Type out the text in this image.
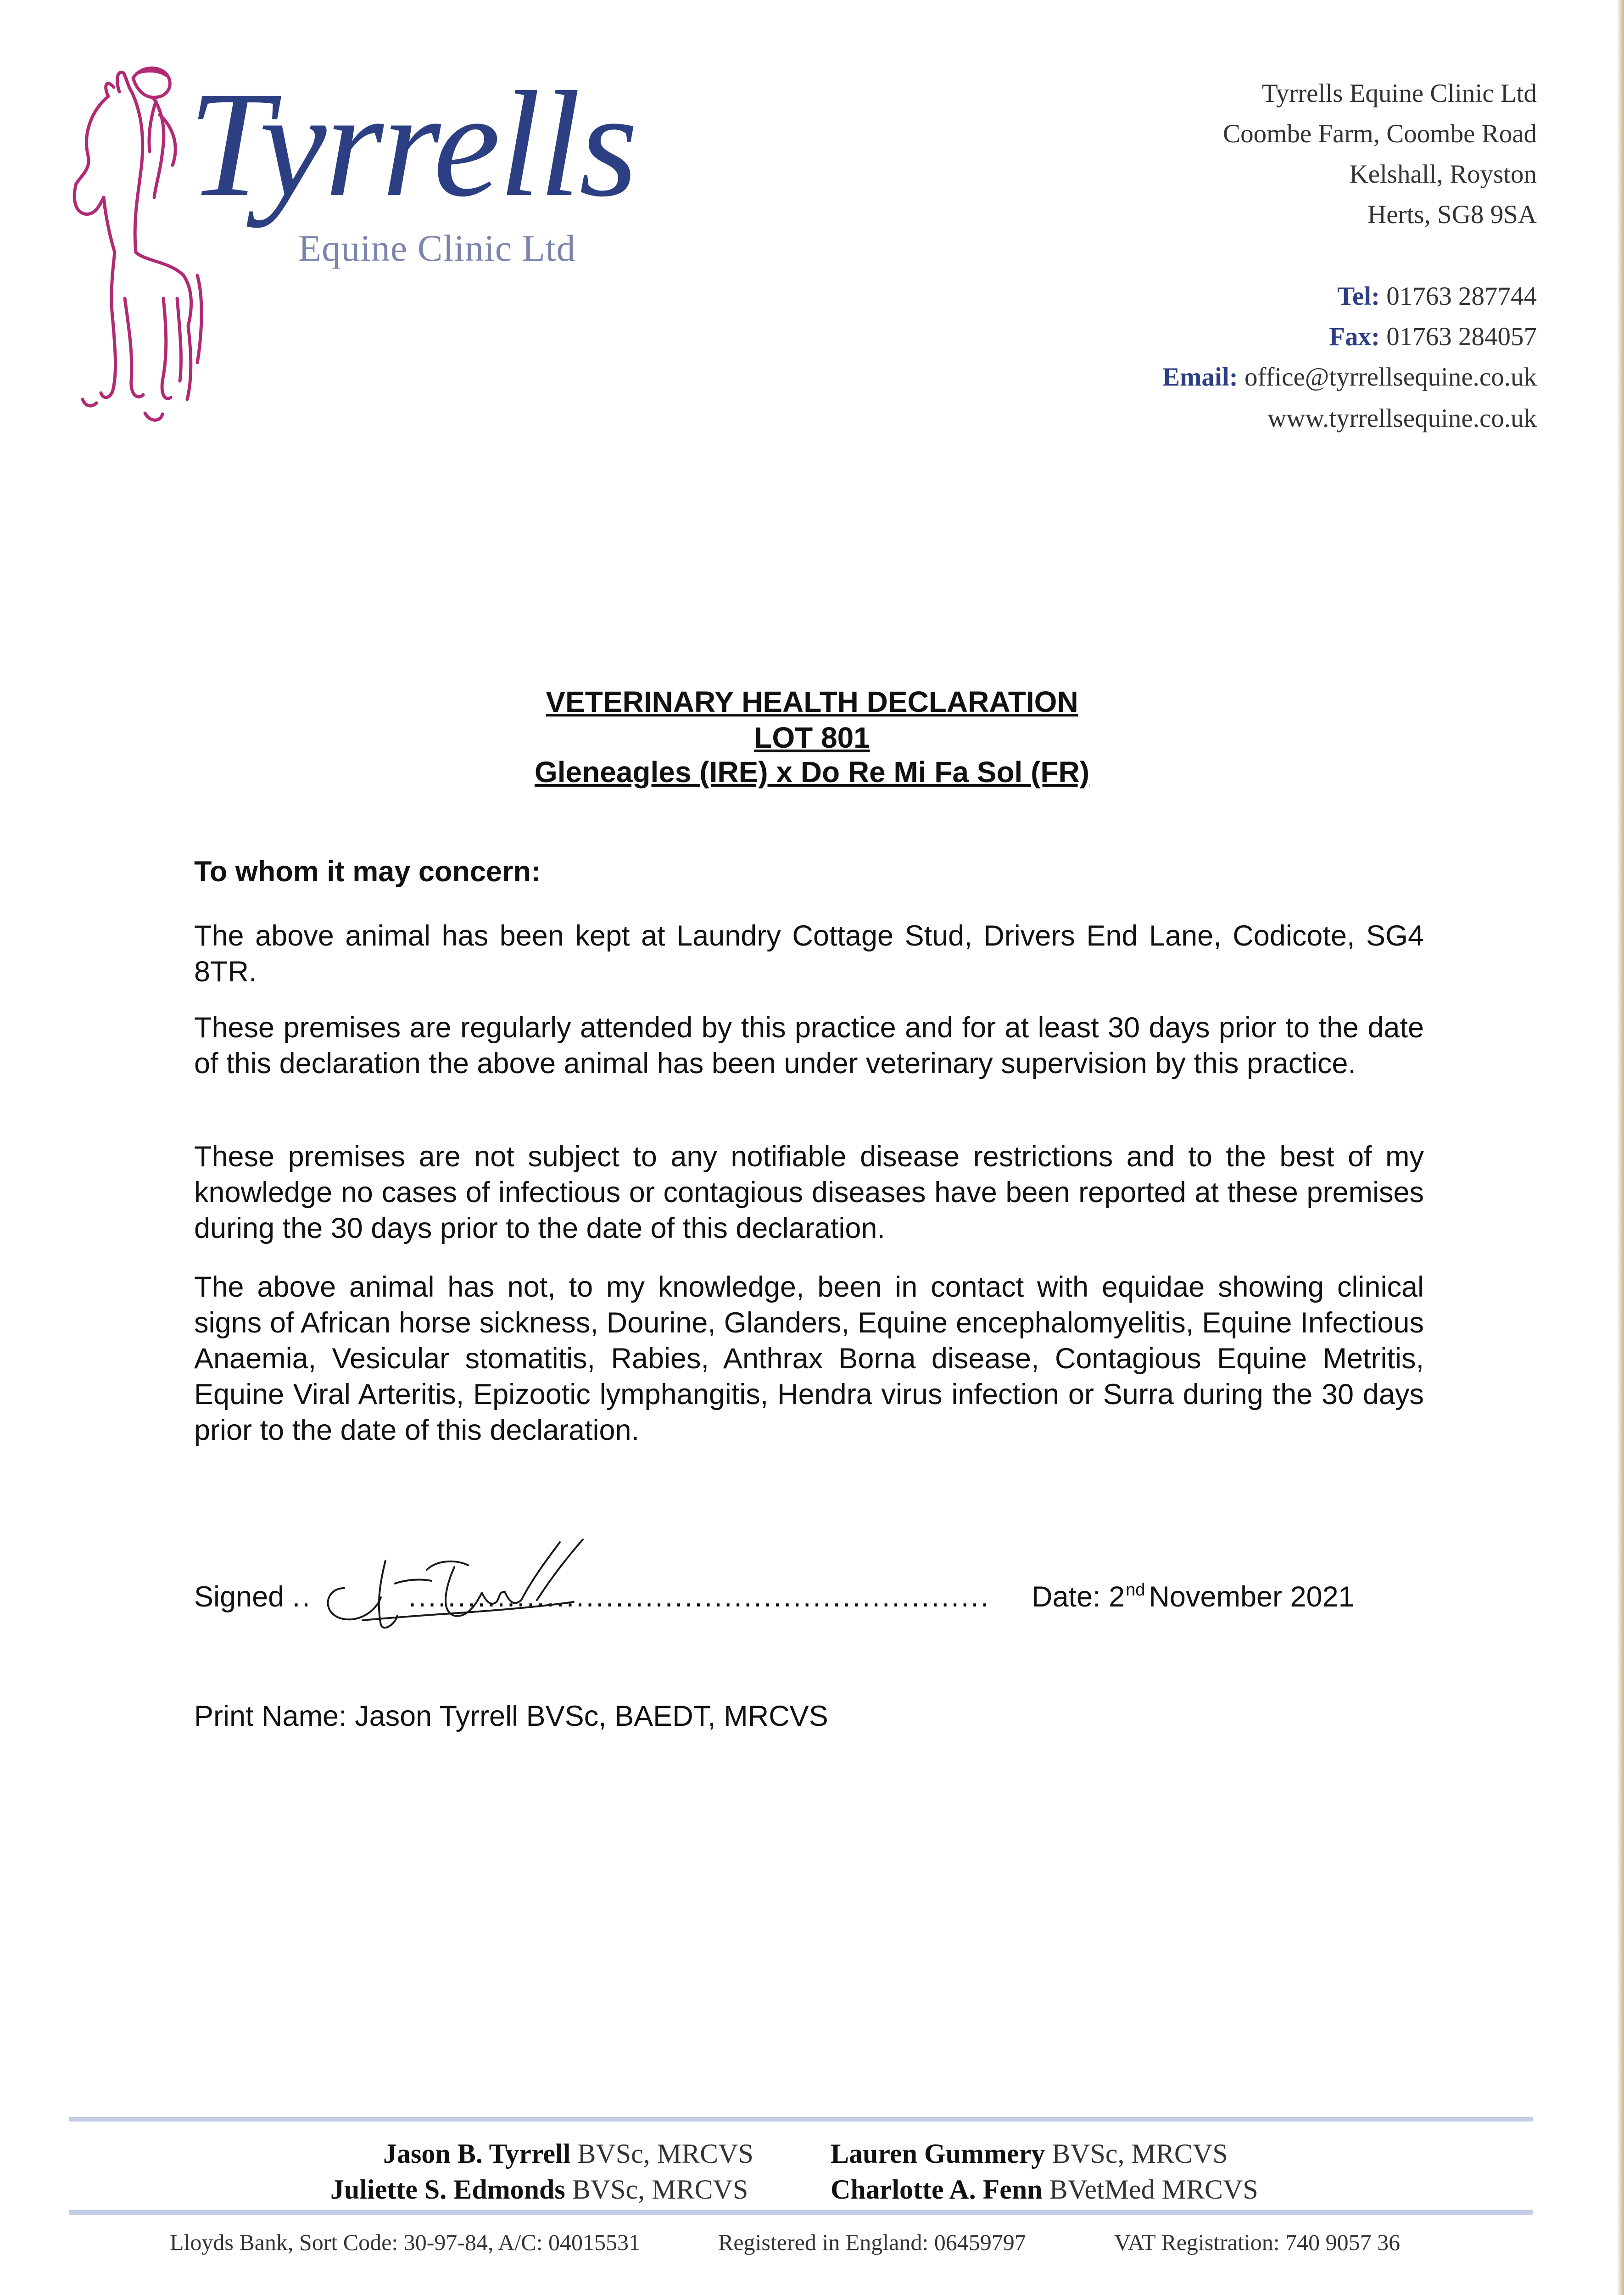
Tyrrells
Equine Clinic Ltd
Tyrrells Equine Clinic Ltd
Coombe Farm, Coombe Road
Kelshall, Royston
Herts, SG8 9SA
Tel: 01763 287744
Fax: 01763 284057
Email: office@tyrrellsequine.co.uk
www.tyrrellsequine.co.uk
VETERINARY HEALTH DECLARATION
LOT 801
Gleneagles (IRE) x Do Re Mi Fa Sol (FR)
To whom it may concern:
The above animal has been kept at Laundry Cottage Stud, Drivers End Lane, Codicote, SG4 8TR.
These premises are regularly attended by this practice and for at least 30 days prior to the date of this declaration the above animal has been under veterinary supervision by this practice.
These premises are not subject to any notifiable disease restrictions and to the best of my knowledge no cases of infectious or contagious diseases have been reported at these premises during the 30 days prior to the date of this declaration.
The above animal has not, to my knowledge, been in contact with equidae showing clinical signs of African horse sickness, Dourine, Glanders, Equine encephalomyelitis, Equine Infectious Anaemia, Vesicular stomatitis, Rabies, Anthrax Borna disease, Contagious Equine Metritis, Equine Viral Arteritis, Epizootic lymphangitis, Hendra virus infection or Surra during the 30 days prior to the date of this declaration.
Signed ..	........................................................... Date: 2nd November 2021
Print Name: Jason Tyrrell BVSc, BAEDT, MRCVS
Jason B. Tyrrell BVSc, MRCVS	Lauren Gummery BVSc, MRCVS
Juliette S. Edmonds BVSc, MRCVS	Charlotte A. Fenn BVetMed MRCVS
Lloyds Bank, Sort Code: 30-97-84, A/C: 04015531	Registered in England: 06459797	VAT Registration: 740 9057 36
